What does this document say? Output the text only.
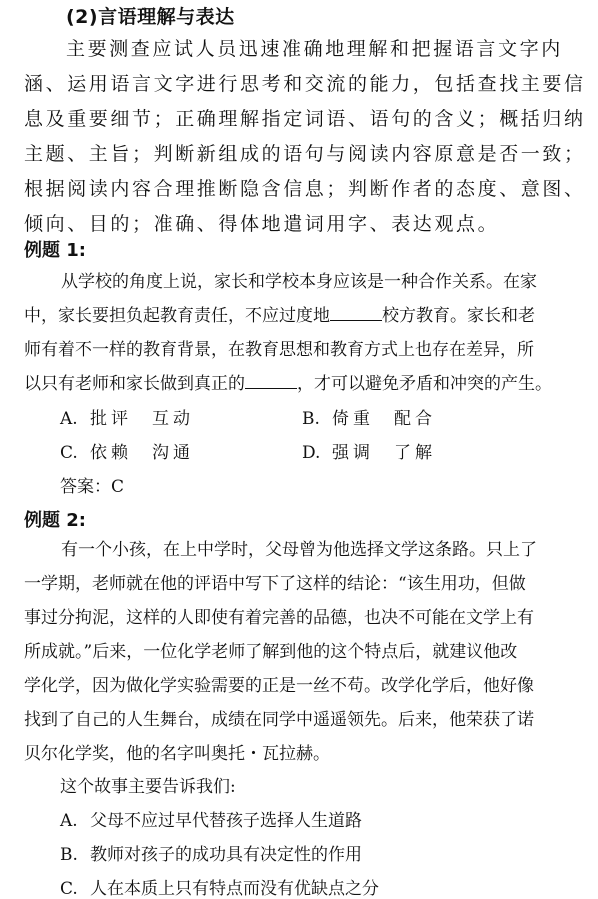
(2)言语理解与表达
主要测查应试人员迅速准确地理解和把握语言文字内
涵、运用语言文字进行思考和交流的能力，包括查找主要信
息及重要细节；正确理解指定词语、语句的含义；概括归纳
主题、主旨；判断新组成的语句与阅读内容原意是否一致；
根据阅读内容合理推断隐含信息；判断作者的态度、意图、
倾向、目的；准确、得体地遣词用字、表达观点。
例题 1:
从学校的角度上说，家长和学校本身应该是一种合作关系。在家
中，家长要担负起教育责任，不应过度地	校方教育。家长和老
师有着不一样的教育背景，在教育思想和教育方式上也存在差异，所
以只有老师和家长做到真正的	，才可以避免矛盾和冲突的产生。
A. 批评 互动	B. 倚重 配合
C. 依赖 沟通	D. 强调 了解
答案：C
例题 2:
有一个小孩，在上中学时，父母曾为他选择文学这条路。只上了
一学期，老师就在他的评语中写下了这样的结论：“该生用功，但做
事过分拘泥，这样的人即使有着完善的品德，也决不可能在文学上有
所成就。”后来，一位化学老师了解到他的这个特点后，就建议他改
学化学，因为做化学实验需要的正是一丝不苟。改学化学后，他好像
找到了自己的人生舞台，成绩在同学中遥遥领先。后来，他荣获了诺
贝尔化学奖，他的名字叫奥托・瓦拉赫。
这个故事主要告诉我们:
A. 父母不应过早代替孩子选择人生道路
B. 教师对孩子的成功具有决定性的作用
C. 人在本质上只有特点而没有优缺点之分
